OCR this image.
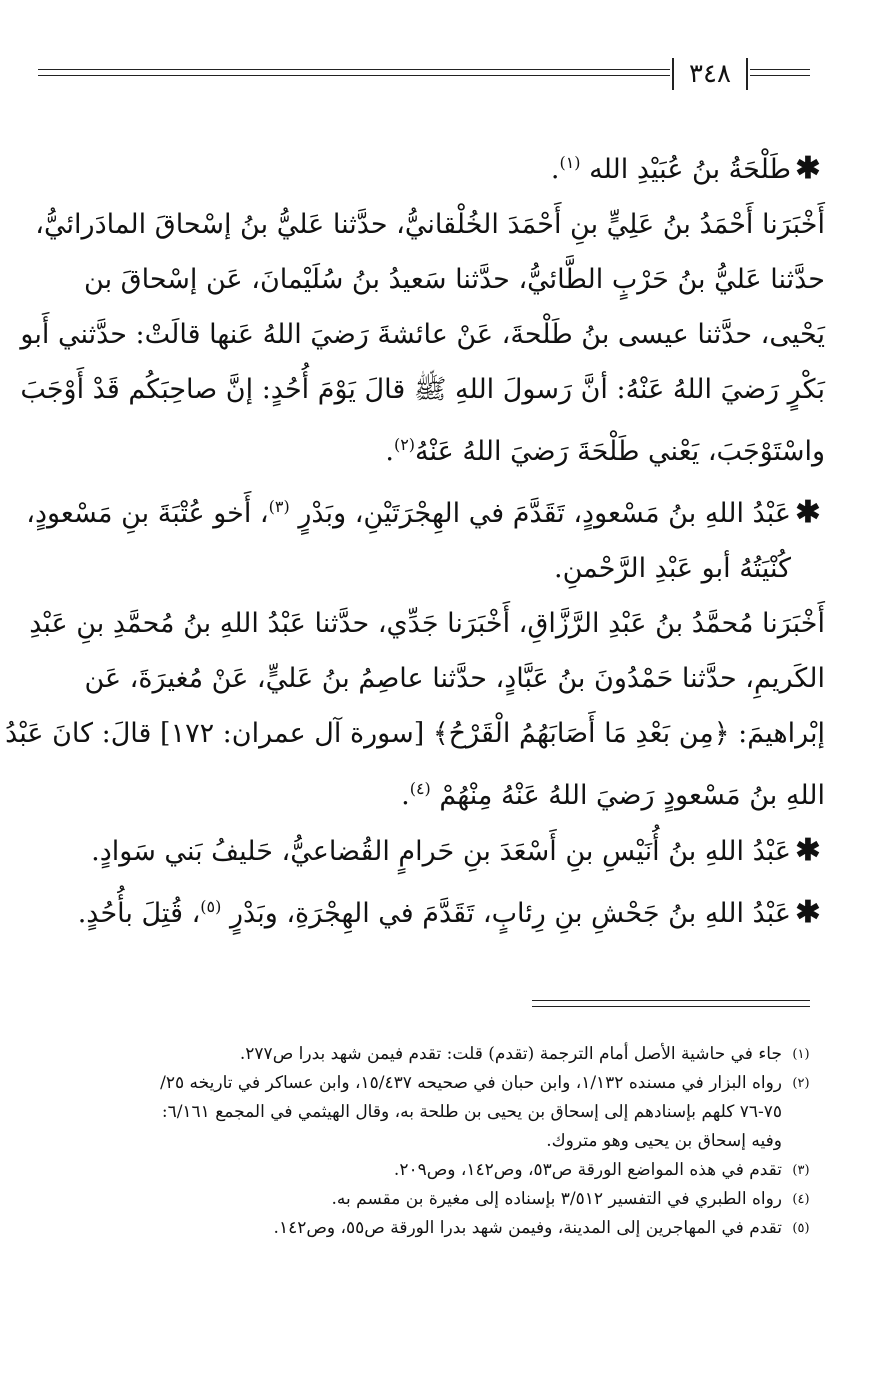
٣٤٨
✱طَلْحَةُ بنُ عُبَيْدِ الله $^{(١)}$.
أَخْبَرَنا أَحْمَدُ بنُ عَلِيٍّ بنِ أَحْمَدَ الخُلْقانيُّ، حدَّثنا عَليُّ بنُ إسْحاقَ المادَرائيُّ،
حدَّثنا عَليُّ بنُ حَرْبٍ الطَّائيُّ، حدَّثنا سَعيدُ بنُ سُلَيْمانَ، عَن إسْحاقَ بن
يَحْيى، حدَّثنا عيسى بنُ طَلْحةَ، عَنْ عائشةَ رَضيَ اللهُ عَنها قالَتْ: حدَّثني أَبو
بَكْرٍ رَضيَ اللهُ عَنْهُ: أنَّ رَسولَ اللهِ ﷺ قالَ يَوْمَ أُحُدٍ: إنَّ صاحِبَكُم قَدْ أَوْجَبَ
واسْتَوْجَبَ، يَعْني طَلْحَةَ رَضيَ اللهُ عَنْهُ$^{(٢)}$.
✱عَبْدُ اللهِ بنُ مَسْعودٍ، تَقَدَّمَ في الهِجْرَتَيْنِ، وبَدْرٍ $^{(٣)}$، أَخو عُتْبَةَ بنِ مَسْعودٍ،
كُنْيَتُهُ أبو عَبْدِ الرَّحْمنِ.
أَخْبَرَنا مُحمَّدُ بنُ عَبْدِ الرَّزَّاقِ، أَخْبَرَنا جَدِّي، حدَّثنا عَبْدُ اللهِ بنُ مُحمَّدِ بنِ عَبْدِ
الكَريمِ، حدَّثنا حَمْدُونَ بنُ عَبَّادٍ، حدَّثنا عاصِمُ بنُ عَليٍّ، عَنْ مُغيرَةَ، عَن
إبْراهيمَ: ﴿مِن بَعْدِ مَا أَصَابَهُمُ الْقَرْحُ﴾ [سورة آل عمران: ١٧٢] قالَ: كانَ عَبْدُ
اللهِ بنُ مَسْعودٍ رَضيَ اللهُ عَنْهُ مِنْهُمْ $^{(٤)}$.
✱عَبْدُ اللهِ بنُ أُنَيْسِ بنِ أَسْعَدَ بنِ حَرامٍ القُضاعيُّ، حَليفُ بَني سَوادٍ.
✱عَبْدُ اللهِ بنُ جَحْشِ بنِ رِئابٍ، تَقَدَّمَ في الهِجْرَةِ، وبَدْرٍ $^{(٥)}$، قُتِلَ بأُحُدٍ.
(١)جاء في حاشية الأصل أمام الترجمة (تقدم) قلت: تقدم فيمن شهد بدرا ص٢٧٧.
(٢)رواه البزار في مسنده ١/١٣٢، وابن حبان في صحيحه ١٥/٤٣٧، وابن عساكر في تاريخه ٢٥/
٧٥-٧٦ كلهم بإسنادهم إلى إسحاق بن يحيى بن طلحة به، وقال الهيثمي في المجمع ٦/١٦١:
وفيه إسحاق بن يحيى وهو متروك.
(٣)تقدم في هذه المواضع الورقة ص٥٣، وص١٤٢، وص٢٠٩.
(٤)رواه الطبري في التفسير ٣/٥١٢ بإسناده إلى مغيرة بن مقسم به.
(٥)تقدم في المهاجرين إلى المدينة، وفيمن شهد بدرا الورقة ص٥٥، وص١٤٢.
